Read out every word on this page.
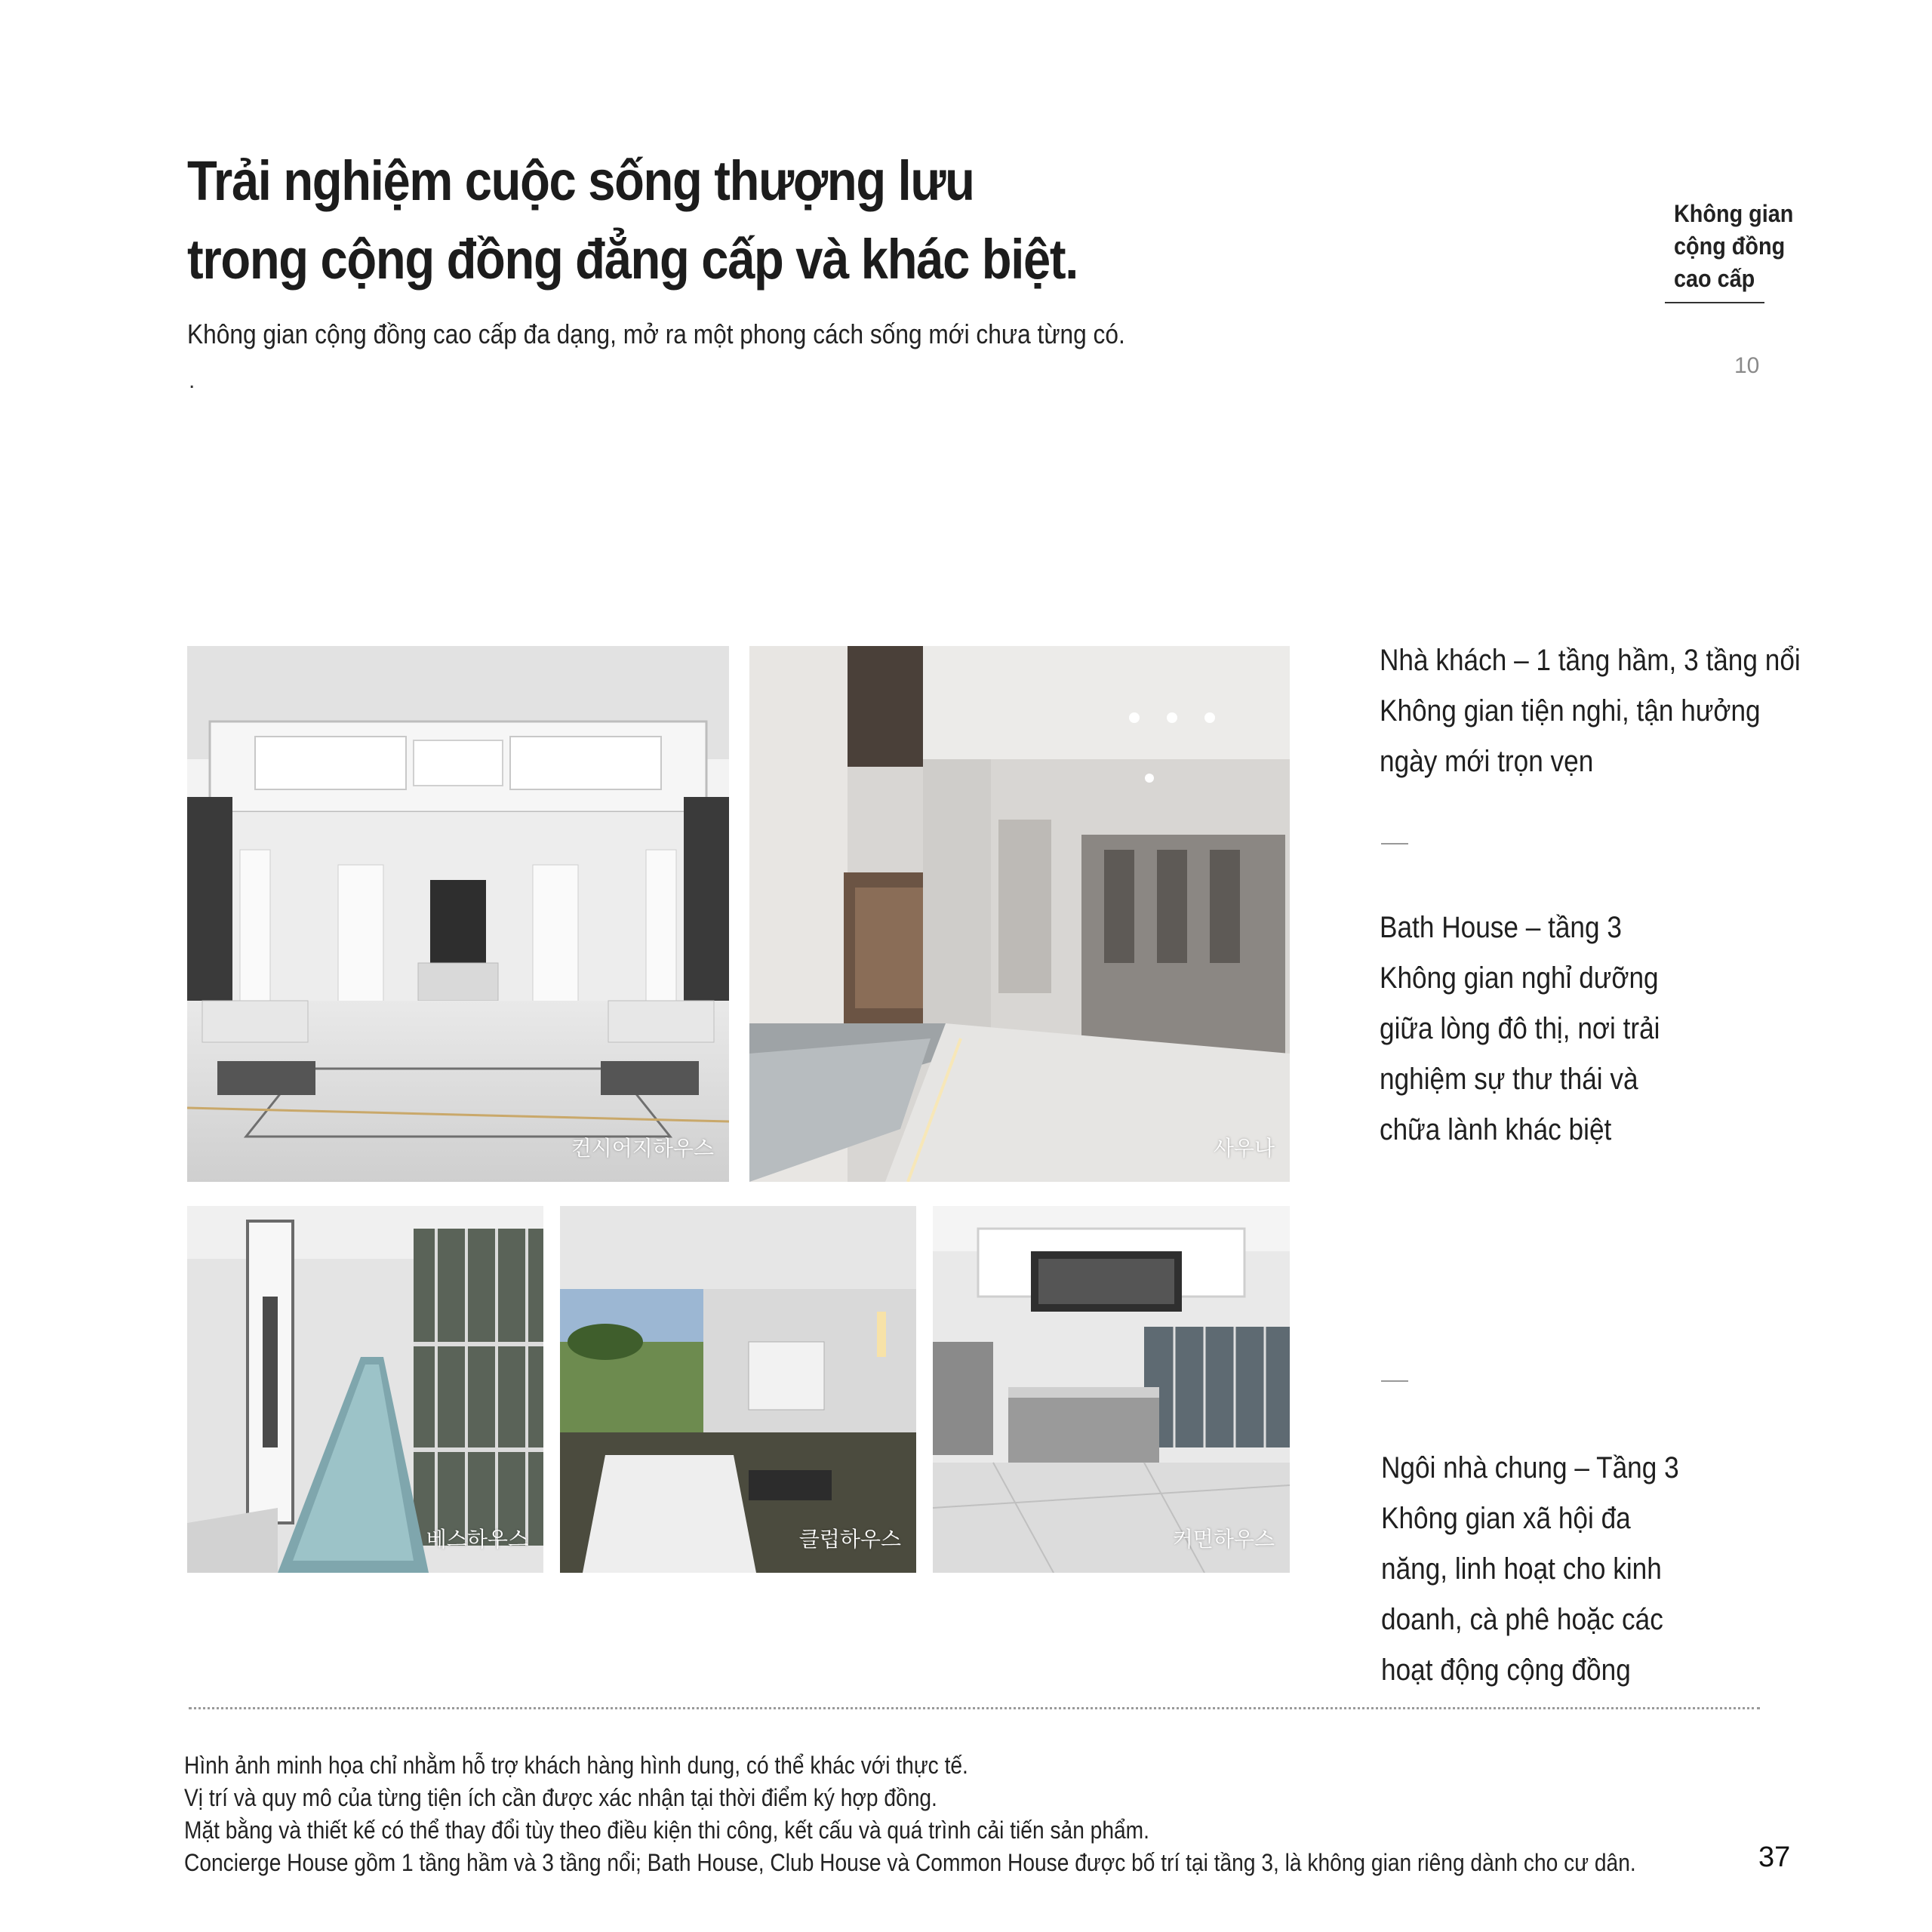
Trải nghiệm cuộc sống thượng lưu
trong cộng đồng đẳng cấp và khác biệt.
Không gian cộng đồng cao cấp đa dạng, mở ra một phong cách sống mới chưa từng có.
.
Không gian
cộng đồng
cao cấp
10
컨시어지하우스	사우나
베스하우스	클럽하우스	커먼하우스
Nhà khách – 1 tầng hầm, 3 tầng nổi
Không gian tiện nghi, tận hưởng
ngày mới trọn vẹn
Bath House – tầng 3
Không gian nghỉ dưỡng
giữa lòng đô thị, nơi trải
nghiệm sự thư thái và
chữa lành khác biệt
Ngôi nhà chung – Tầng 3
Không gian xã hội đa
năng, linh hoạt cho kinh
doanh, cà phê hoặc các
hoạt động cộng đồng
Hình ảnh minh họa chỉ nhằm hỗ trợ khách hàng hình dung, có thể khác với thực tế.
Vị trí và quy mô của từng tiện ích cần được xác nhận tại thời điểm ký hợp đồng.
Mặt bằng và thiết kế có thể thay đổi tùy theo điều kiện thi công, kết cấu và quá trình cải tiến sản phẩm.
Concierge House gồm 1 tầng hầm và 3 tầng nổi; Bath House, Club House và Common House được bố trí tại tầng 3, là không gian riêng dành cho cư dân.	37
